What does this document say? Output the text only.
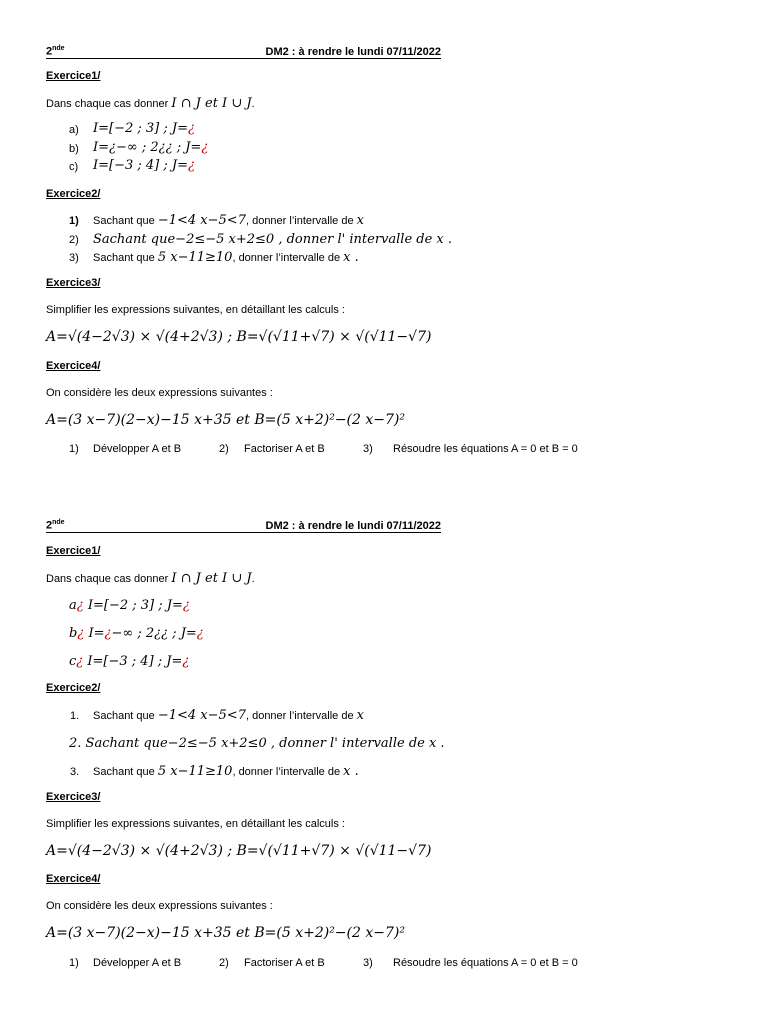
2nde	DM2 : à rendre le lundi 07/11/2022
Exercice1/
Dans chaque cas donner I ∩ J et I ∪ J.
a) I=[−2 ; 3] ; J=¿
b) I=¿−∞ ; 2¿¿ ; J=¿
c) I=[−3 ; 4] ; J=¿
Exercice2/
1) Sachant que −1<4 x−5<7, donner l’intervalle de x
2) Sachant que−2≤−5 x+2≤0 , donner l' intervalle de x .
3) Sachant que 5 x−11≥10, donner l’intervalle de x .
Exercice3/
Simplifier les expressions suivantes, en détaillant les calculs :
A=√(4−2√3) × √(4+2√3) ; B=√(√11+√7) × √(√11−√7)
Exercice4/
On considère les deux expressions suivantes :
A=(3 x−7)(2−x)−15 x+35 et B=(5 x+2)²−(2 x−7)²
1) Développer A et B	2) Factoriser A et B	3) Résoudre les équations A = 0 et B = 0
2nde	DM2 : à rendre le lundi 07/11/2022
Exercice1/
Dans chaque cas donner I ∩ J et I ∪ J.
a¿ I=[−2 ; 3] ; J=¿
b¿ I=¿−∞ ; 2¿¿ ; J=¿
c¿ I=[−3 ; 4] ; J=¿
Exercice2/
1. Sachant que −1<4 x−5<7, donner l’intervalle de x
2. Sachant que−2≤−5 x+2≤0 , donner l' intervalle de x .
3. Sachant que 5 x−11≥10, donner l’intervalle de x .
Exercice3/
Simplifier les expressions suivantes, en détaillant les calculs :
A=√(4−2√3) × √(4+2√3) ; B=√(√11+√7) × √(√11−√7)
Exercice4/
On considère les deux expressions suivantes :
A=(3 x−7)(2−x)−15 x+35 et B=(5 x+2)²−(2 x−7)²
1) Développer A et B	2) Factoriser A et B	3) Résoudre les équations A = 0 et B = 0
